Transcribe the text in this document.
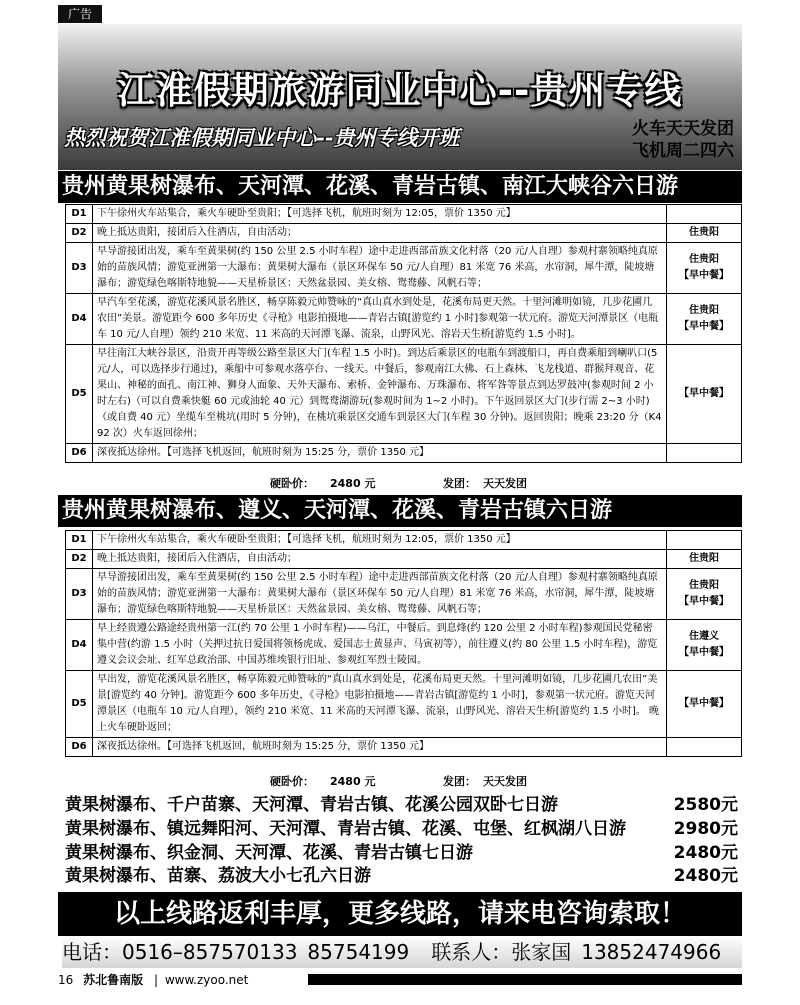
广告
江淮假期旅游同业中心--贵州专线
热烈祝贺江淮假期同业中心--贵州专线开班	火车天天发团
飞机周二四六
贵州黄果树瀑布、天河潭、花溪、青岩古镇、南江大峡谷六日游
D1	下午徐州火车站集合，乘火车硬卧至贵阳；【可选择飞机，航班时刻为 12:05，票价 1350 元】	
D2	晚上抵达贵阳，接团后入住酒店，自由活动；	住贵阳
D3	早导游接团出发，乘车至黄果树(约 150 公里 2.5 小时车程）途中走进西部苗族文化村落（20 元/人自理）参观村寨领略纯真原始的苗族风情；游览亚洲第一大瀑布：黄果树大瀑布（景区环保车 50 元/人自理）81 米宽 76 米高，水帘洞，犀牛潭，陡坡塘瀑布；游览绿色喀斯特地貌——天星桥景区：天然盆景园、美女榕、鸳鸯藤、风帆石等；	住贵阳
【早中餐】
D4	早汽车至花溪，游览花溪风景名胜区，畅享陈毅元帅赞咏的“真山真水到处是，花溪布局更天然。十里河滩明如镜，几步花圃几农田”美景。游览距今 600 多年历史《寻枪》电影拍摄地——青岩古镇[游览约 1 小时]参观第一状元府。游览天河潭景区（电瓶车 10 元/人自理）领约 210 米宽、11 米高的天河潭飞瀑、流泉，山野风光、溶岩天生桥[游览约 1.5 小时]。	住贵阳
【早中餐】
D5	早往南江大峡谷景区，沿贵开再等级公路至景区大门(车程 1.5 小时)。到达后乘景区的电瓶车到渡船口，再自费乘船到喇叭口(5 元/人，可以选择步行通过)，乘船中可参观水落亭台、一线天。中餐后，参观南江大佛、石上森林、飞龙栈道、群猴拜观音、花果山、神秘的面孔、南江神、狮身人面象、天外天瀑布、索桥、金钟瀑布、万珠瀑布、将军咎等景点到达罗鼓冲(参观时间 2 小时左右)（可以自费乘快艇 60 元或油轮 40 元）到鸳鸯湖游玩(参观时间为 1~2 小时)。下午返回景区大门(步行需 2~3 小时)（或自费 40 元）坐缆车至桃坑(用时 5 分钟)，在桃坑乘景区交通车到景区大门(车程 30 分钟)。返回贵阳；晚乘 23:20 分（K492 次）火车返回徐州；	【早中餐】
D6	深夜抵达徐州。【可选择飞机返回，航班时刻为 15:25 分，票价 1350 元】	
硬卧价： 2480 元	发团： 天天发团
贵州黄果树瀑布、遵义、天河潭、花溪、青岩古镇六日游
D1	下午徐州火车站集合，乘火车硬卧至贵阳；【可选择飞机，航班时刻为 12:05，票价 1350 元】	
D2	晚上抵达贵阳，接团后入住酒店，自由活动；	住贵阳
D3	早导游接团出发，乘车至黄果树(约 150 公里 2.5 小时车程）途中走进西部苗族文化村落（20 元/人自理）参观村寨领略纯真原始的苗族风情；游览亚洲第一大瀑布：黄果树大瀑布（景区环保车 50 元/人自理）81 米宽 76 米高，水帘洞，犀牛潭，陡坡塘瀑布；游览绿色喀斯特地貌——天星桥景区：天然盆景园、美女榕、鸳鸯藤、风帆石等；	住贵阳
【早中餐】
D4	早上经贵遵公路途经贵州第一江(约 70 公里 1 小时车程)——乌江，中餐后。到息烽(约 120 公里 2 小时车程)参观国民党秘密集中营(约游 1.5 小时（关押过抗日爱国将领杨虎成、爱国志士黄显声、马寅初等），前往遵义(约 80 公里 1.5 小时车程)，游览遵义会议会址、红军总政治部、中国苏维埃银行旧址、参观红军烈士陵园。	住遵义
【早中餐】
D5	早出发，游览花溪风景名胜区，畅享陈毅元帅赞咏的“真山真水到处是，花溪布局更天然。十里河滩明如镜，几步花圃几农田”美景[游览约 40 分钟]。游览距今 600 多年历史，《寻枪》电影拍摄地——青岩古镇[游览约 1 小时]，参观第一状元府。游览天河潭景区（电瓶车 10 元/人自理），领约 210 米宽、11 米高的天河潭飞瀑、流泉，山野风光、溶岩天生桥[游览约 1.5 小时]。 晚上火车硬卧返回；	【早中餐】
D6	深夜抵达徐州。【可选择飞机返回，航班时刻为 15:25 分，票价 1350 元】	
硬卧价： 2480 元	发团： 天天发团
黄果树瀑布、千户苗寨、天河潭、青岩古镇、花溪公园双卧七日游	2580元
黄果树瀑布、镇远舞阳河、天河潭、青岩古镇、花溪、屯堡、红枫湖八日游	2980元
黄果树瀑布、织金洞、天河潭、花溪、青岩古镇七日游	2480元
黄果树瀑布、苗寨、荔波大小七孔六日游	2480元
以上线路返利丰厚，更多线路，请来电咨询索取！
电话：0516–857570133 85754199 联系人：张家国 13852474966
16 苏北鲁南版 | www.zyoo.net
